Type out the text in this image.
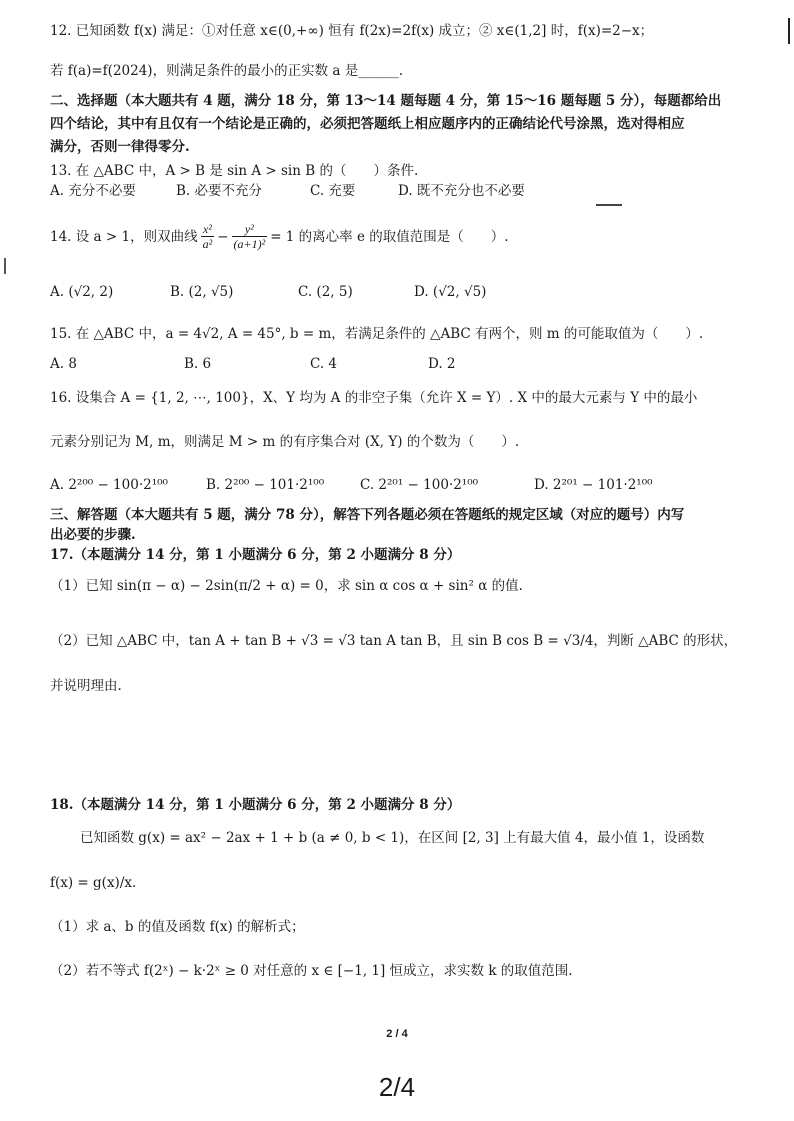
12. 已知函数 f(x) 满足：①对任意 x∈(0,+∞) 恒有 f(2x)=2f(x) 成立；② x∈(1,2] 时，f(x)=2−x；
若 f(a)=f(2024)，则满足条件的最小的正实数 a 是______.
二、选择题（本大题共有 4 题，满分 18 分，第 13～14 题每题 4 分，第 15～16 题每题 5 分），每题都给出
四个结论，其中有且仅有一个结论是正确的，必须把答题纸上相应题序内的正确结论代号涂黑，选对得相应
满分，否则一律得零分.
13. 在 △ABC 中，A > B 是 sin A > sin B 的（　　）条件.
A. 充分不必要	B. 必要不充分	C. 充要	D. 既不充分也不必要
14. 设 a > 1，则双曲线 $\frac{\text{x²}}{\text{a²}} - \frac{\text{y²}}{\text{(a+1)²}} = 1$ 的离心率 e 的取值范围是（　　）.
A. (√2, 2)	B. (2, √5)	C. (2, 5)	D. (√2, √5)
15. 在 △ABC 中，a = 4√2, A = 45°, b = m，若满足条件的 △ABC 有两个，则 m 的可能取值为（　　）.
A. 8	B. 6	C. 4	D. 2
16. 设集合 A = {1, 2, ⋯, 100}，X、Y 均为 A 的非空子集（允许 X = Y）. X 中的最大元素与 Y 中的最小
元素分别记为 M, m，则满足 M > m 的有序集合对 (X, Y) 的个数为（　　）.
A. 2²⁰⁰ − 100·2¹⁰⁰	B. 2²⁰⁰ − 101·2¹⁰⁰	C. 2²⁰¹ − 100·2¹⁰⁰	D. 2²⁰¹ − 101·2¹⁰⁰
三、解答题（本大题共有 5 题，满分 78 分），解答下列各题必须在答题纸的规定区域（对应的题号）内写
出必要的步骤.
17.（本题满分 14 分，第 1 小题满分 6 分，第 2 小题满分 8 分）
（1）已知 sin(π − α) − 2sin(π/2 + α) = 0，求 sin α cos α + sin² α 的值.
（2）已知 △ABC 中，tan A + tan B + √3 = √3 tan A tan B，且 sin B cos B = √3/4，判断 △ABC 的形状，
并说明理由.
18.（本题满分 14 分，第 1 小题满分 6 分，第 2 小题满分 8 分）
已知函数 g(x) = ax² − 2ax + 1 + b (a ≠ 0, b < 1)，在区间 [2, 3] 上有最大值 4，最小值 1，设函数
f(x) = g(x)/x.
（1）求 a、b 的值及函数 f(x) 的解析式；
（2）若不等式 f(2ˣ) − k·2ˣ ≥ 0 对任意的 x ∈ [−1, 1] 恒成立，求实数 k 的取值范围.
2 / 4
2/4
